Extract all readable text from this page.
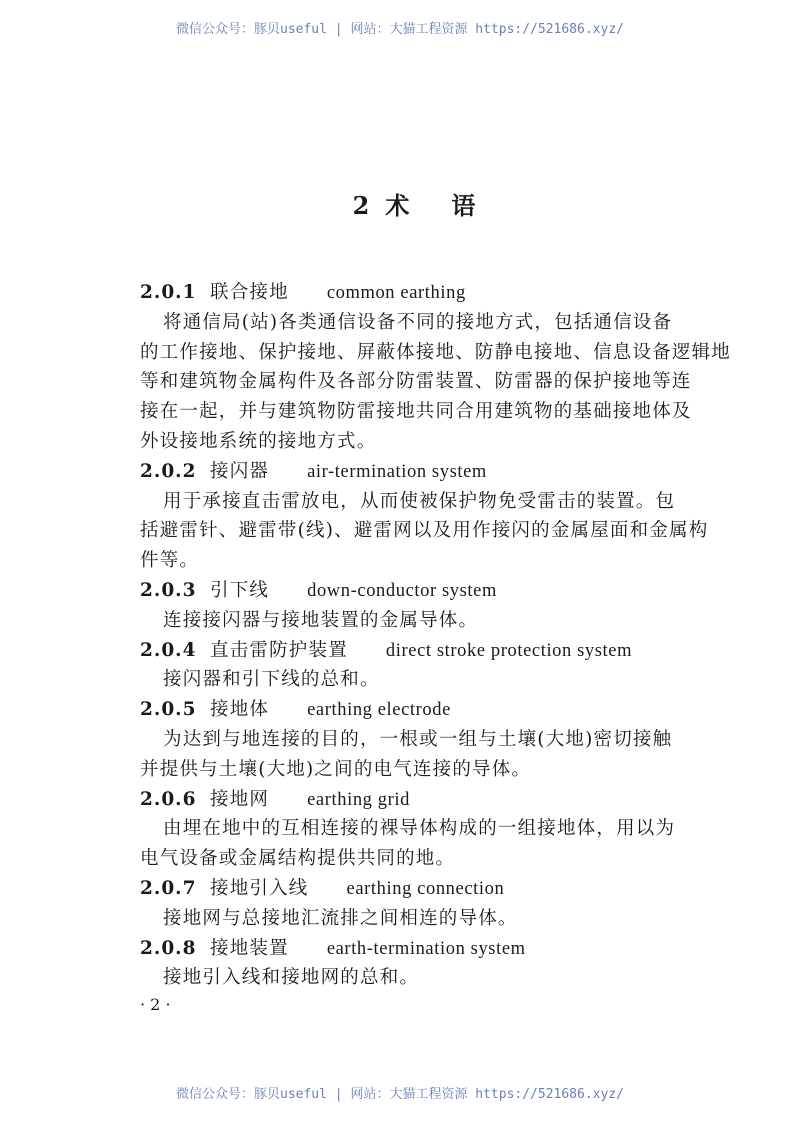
微信公众号：豚贝useful | 网站：大猫工程资源 https://521686.xyz/
2 术 语
2.0.1 联合接地 common earthing
将通信局(站)各类通信设备不同的接地方式，包括通信设备
的工作接地、保护接地、屏蔽体接地、防静电接地、信息设备逻辑地
等和建筑物金属构件及各部分防雷装置、防雷器的保护接地等连
接在一起，并与建筑物防雷接地共同合用建筑物的基础接地体及
外设接地系统的接地方式。
2.0.2 接闪器 air-termination system
用于承接直击雷放电，从而使被保护物免受雷击的装置。包
括避雷针、避雷带(线)、避雷网以及用作接闪的金属屋面和金属构
件等。
2.0.3 引下线 down-conductor system
连接接闪器与接地装置的金属导体。
2.0.4 直击雷防护装置 direct stroke protection system
接闪器和引下线的总和。
2.0.5 接地体 earthing electrode
为达到与地连接的目的，一根或一组与土壤(大地)密切接触
并提供与土壤(大地)之间的电气连接的导体。
2.0.6 接地网 earthing grid
由埋在地中的互相连接的裸导体构成的一组接地体，用以为
电气设备或金属结构提供共同的地。
2.0.7 接地引入线 earthing connection
接地网与总接地汇流排之间相连的导体。
2.0.8 接地装置 earth-termination system
接地引入线和接地网的总和。
· 2 ·
微信公众号：豚贝useful | 网站：大猫工程资源 https://521686.xyz/
